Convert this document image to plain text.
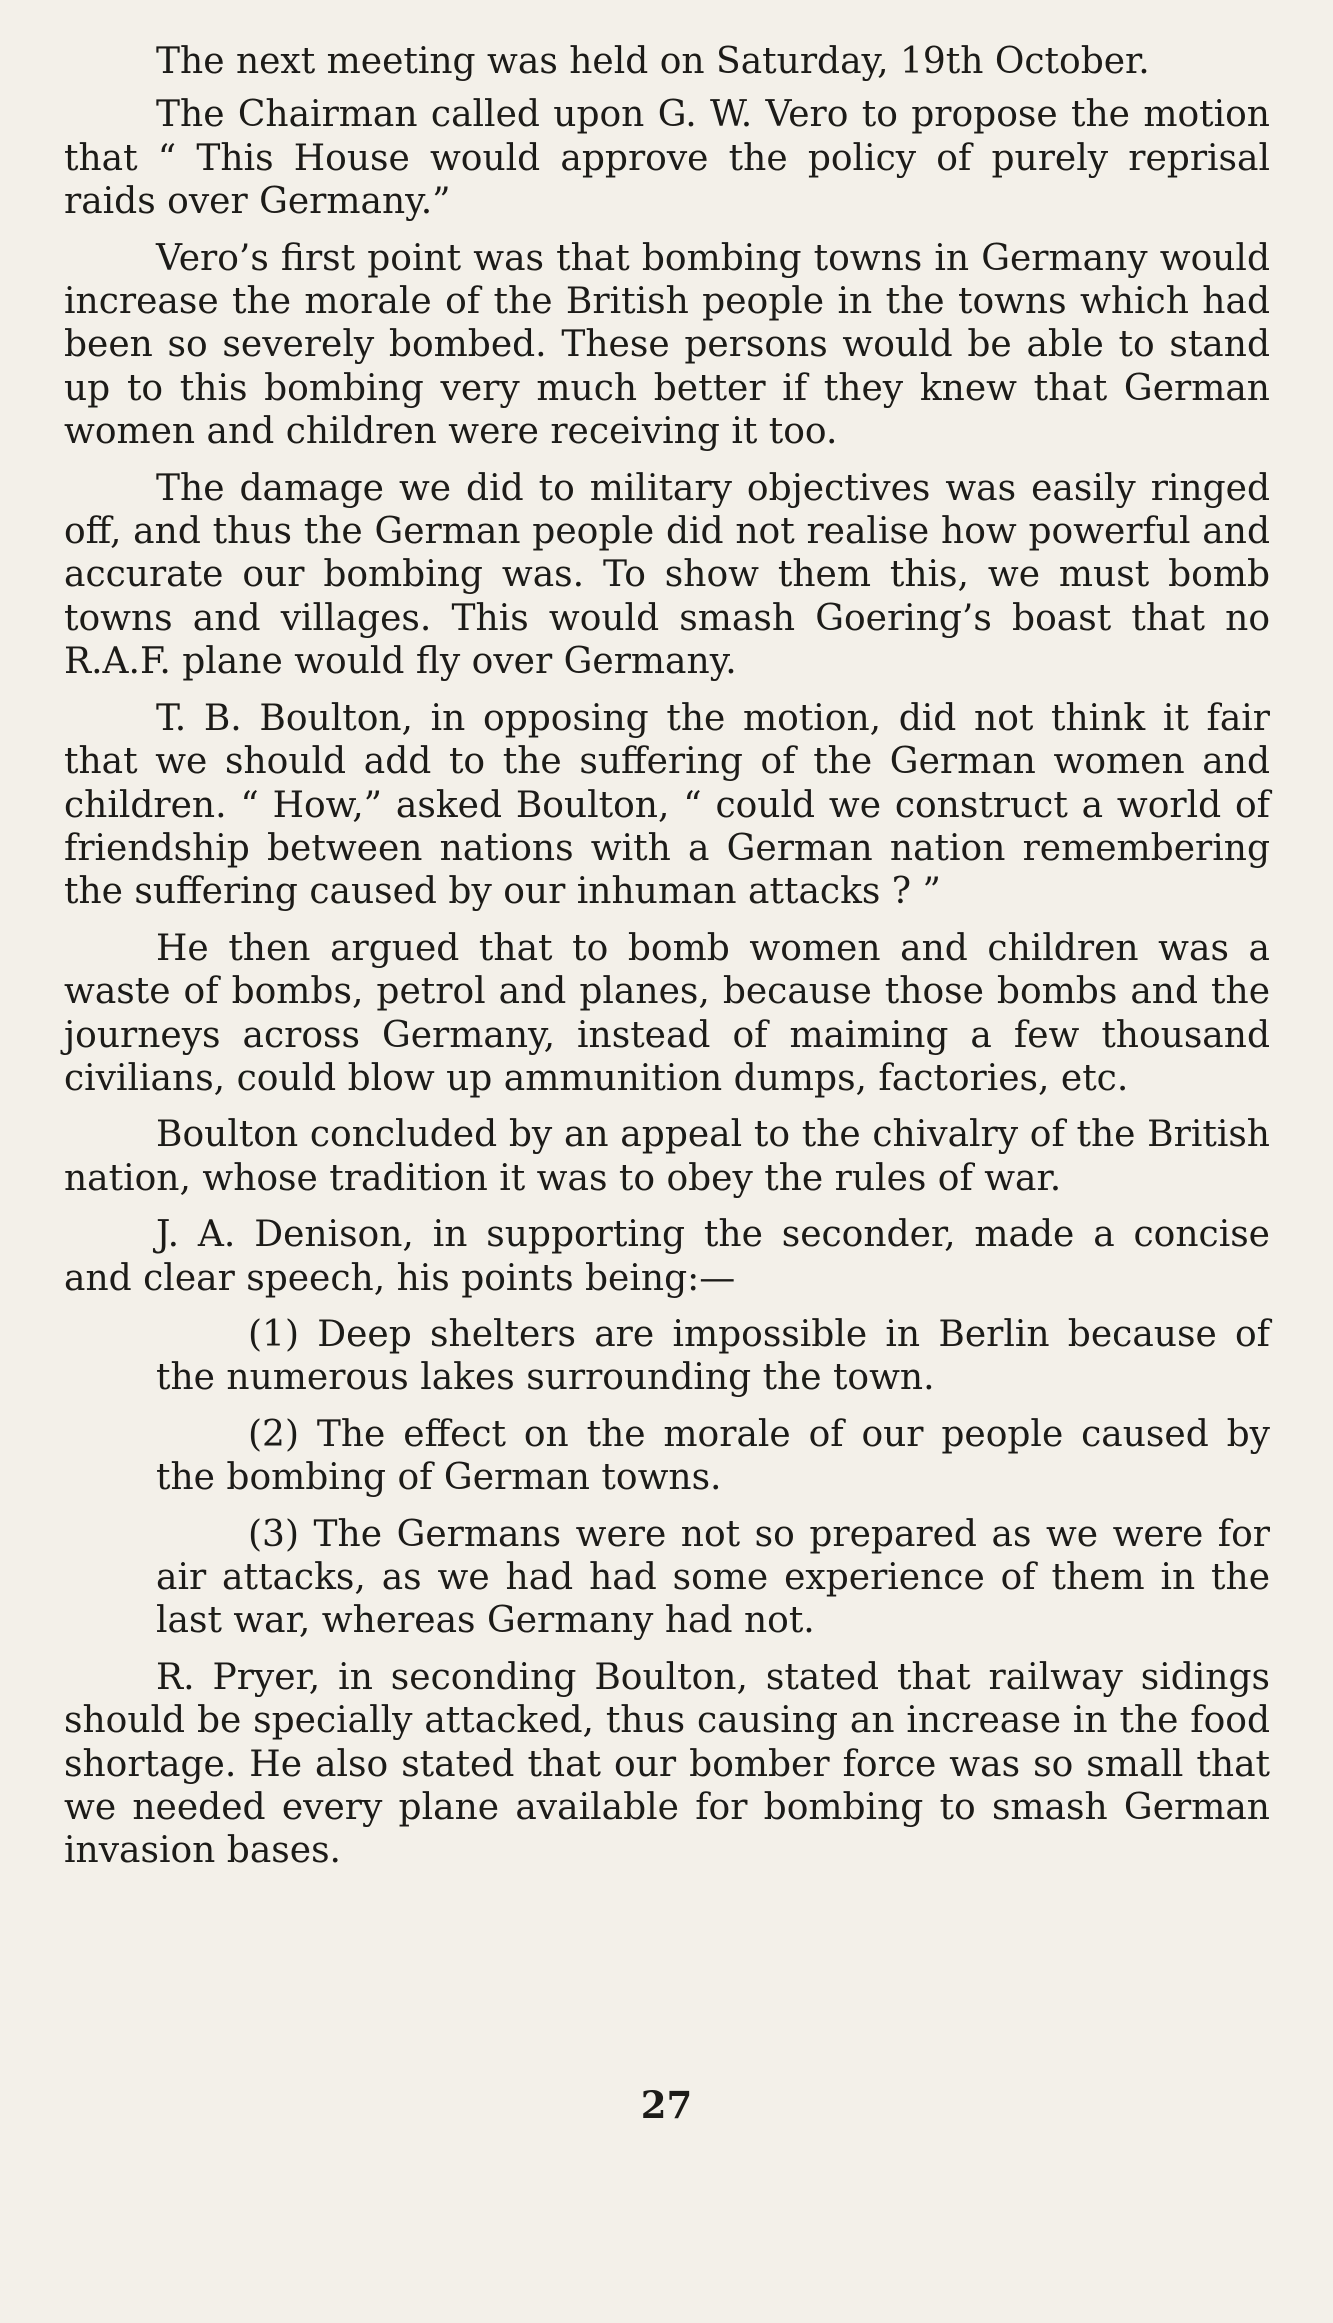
The next meeting was held on Saturday, 19th October.

The Chairman called upon G. W. Vero to propose the motion that “ This House would approve the policy of purely reprisal raids over Germany.”

Vero’s first point was that bombing towns in Germany would increase the morale of the British people in the towns which had been so severely bombed. These persons would be able to stand up to this bombing very much better if they knew that German women and children were receiving it too.

The damage we did to military objectives was easily ringed off, and thus the German people did not realise how powerful and accurate our bombing was. To show them this, we must bomb towns and villages. This would smash Goering’s boast that no R.A.F. plane would fly over Germany.

T. B. Boulton, in opposing the motion, did not think it fair that we should add to the suffering of the German women and children. “ How,” asked Boulton, “ could we construct a world of friendship between nations with a German nation remembering the suffering caused by our inhuman attacks ? ”

He then argued that to bomb women and children was a waste of bombs, petrol and planes, because those bombs and the journeys across Germany, instead of maiming a few thousand civilians, could blow up ammunition dumps, factories, etc.

Boulton concluded by an appeal to the chivalry of the British nation, whose tradition it was to obey the rules of war.

J. A. Denison, in supporting the seconder, made a concise and clear speech, his points being:—

(1) Deep shelters are impossible in Berlin because of the numerous lakes surrounding the town.

(2) The effect on the morale of our people caused by the bombing of German towns.

(3) The Germans were not so prepared as we were for air attacks, as we had had some experience of them in the last war, whereas Germany had not.

R. Pryer, in seconding Boulton, stated that railway sidings should be specially attacked, thus causing an increase in the food shortage. He also stated that our bomber force was so small that we needed every plane available for bombing to smash German invasion bases.

27
